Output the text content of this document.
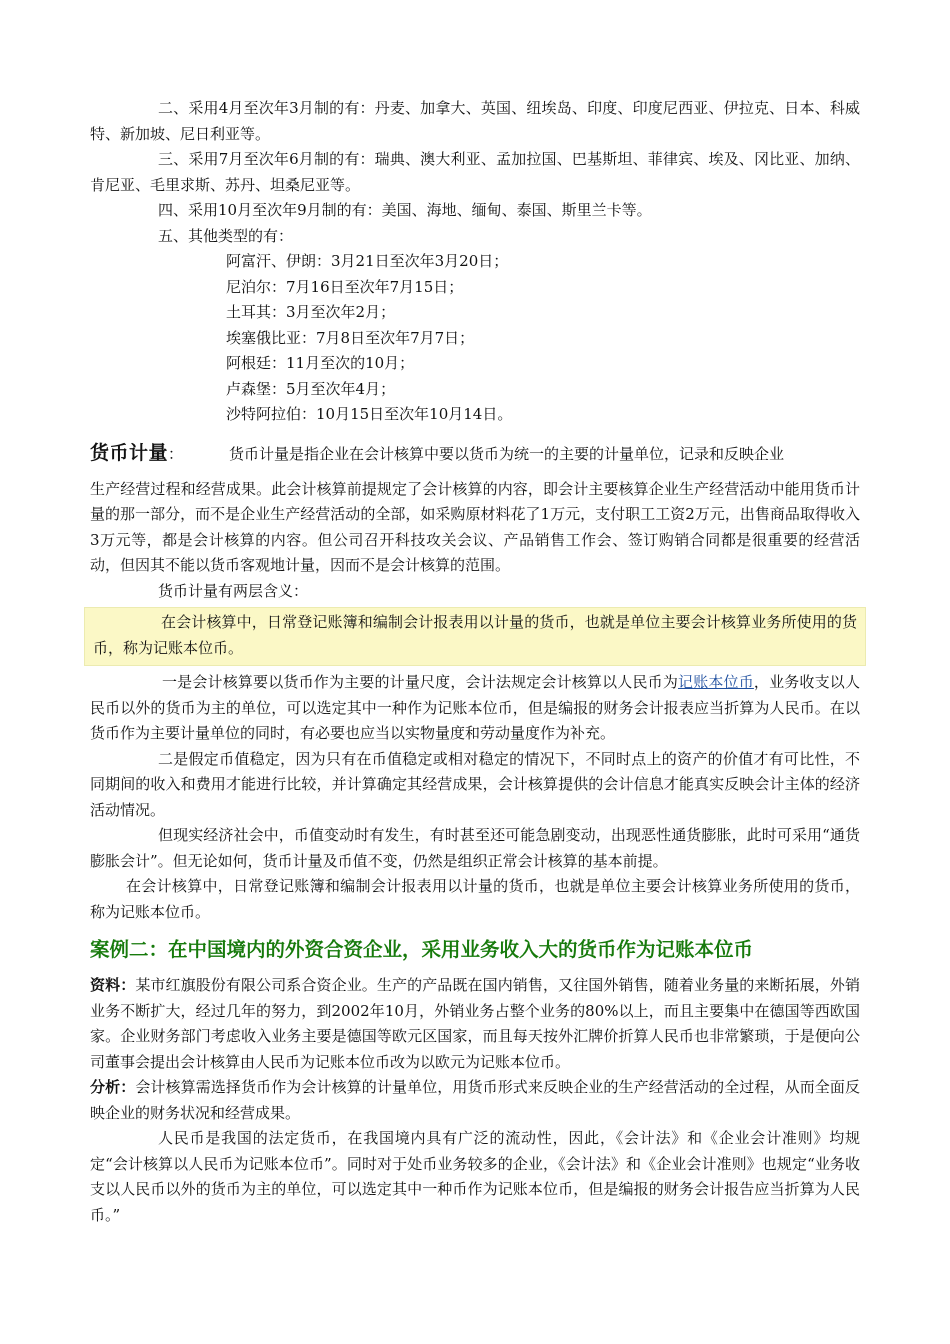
二、采用4月至次年3月制的有：丹麦、加拿大、英国、纽埃岛、印度、印度尼西亚、伊拉克、日本、科威特、新加坡、尼日利亚等。

三、采用7月至次年6月制的有：瑞典、澳大利亚、孟加拉国、巴基斯坦、菲律宾、埃及、冈比亚、加纳、肯尼亚、毛里求斯、苏丹、坦桑尼亚等。

四、采用10月至次年9月制的有：美国、海地、缅甸、泰国、斯里兰卡等。

五、其他类型的有：

阿富汗、伊朗：3月21日至次年3月20日；

尼泊尔：7月16日至次年7月15日；

土耳其：3月至次年2月；

埃塞俄比亚：7月8日至次年7月7日；

阿根廷：11月至次的10月；

卢森堡：5月至次年4月；

沙特阿拉伯：10月15日至次年10月14日。

货币计量：	货币计量是指企业在会计核算中要以货币为统一的主要的计量单位，记录和反映企业

生产经营过程和经营成果。此会计核算前提规定了会计核算的内容，即会计主要核算企业生产经营活动中能用货币计量的那一部分，而不是企业生产经营活动的全部，如采购原材料花了1万元，支付职工工资2万元，出售商品取得收入3万元等，都是会计核算的内容。但公司召开科技攻关会议、产品销售工作会、签订购销合同都是很重要的经营活动，但因其不能以货币客观地计量，因而不是会计核算的范围。

货币计量有两层含义：

在会计核算中，日常登记账簿和编制会计报表用以计量的货币，也就是单位主要会计核算业务所使用的货币，称为记账本位币。

一是会计核算要以货币作为主要的计量尺度，会计法规定会计核算以人民币为记账本位币，业务收支以人民币以外的货币为主的单位，可以选定其中一种作为记账本位币，但是编报的财务会计报表应当折算为人民币。在以货币作为主要计量单位的同时，有必要也应当以实物量度和劳动量度作为补充。

二是假定币值稳定，因为只有在币值稳定或相对稳定的情况下，不同时点上的资产的价值才有可比性，不同期间的收入和费用才能进行比较，并计算确定其经营成果，会计核算提供的会计信息才能真实反映会计主体的经济活动情况。

但现实经济社会中，币值变动时有发生，有时甚至还可能急剧变动，出现恶性通货膨胀，此时可采用“通货膨胀会计”。但无论如何，货币计量及币值不变，仍然是组织正常会计核算的基本前提。

在会计核算中，日常登记账簿和编制会计报表用以计量的货币，也就是单位主要会计核算业务所使用的货币，称为记账本位币。

案例二：在中国境内的外资合资企业，采用业务收入大的货币作为记账本位币

资料：某市红旗股份有限公司系合资企业。生产的产品既在国内销售，又往国外销售，随着业务量的来断拓展，外销业务不断扩大，经过几年的努力，到2002年10月，外销业务占整个业务的80%以上，而且主要集中在德国等西欧国家。企业财务部门考虑收入业务主要是德国等欧元区国家，而且每天按外汇牌价折算人民币也非常繁琐，于是便向公司董事会提出会计核算由人民币为记账本位币改为以欧元为记账本位币。

分析：会计核算需选择货币作为会计核算的计量单位，用货币形式来反映企业的生产经营活动的全过程，从而全面反映企业的财务状况和经营成果。

人民币是我国的法定货币，在我国境内具有广泛的流动性，因此，《会计法》和《企业会计准则》均规定“会计核算以人民币为记账本位币”。同时对于处币业务较多的企业，《会计法》和《企业会计准则》也规定“业务收支以人民币以外的货币为主的单位，可以选定其中一种币作为记账本位币，但是编报的财务会计报告应当折算为人民币。”
